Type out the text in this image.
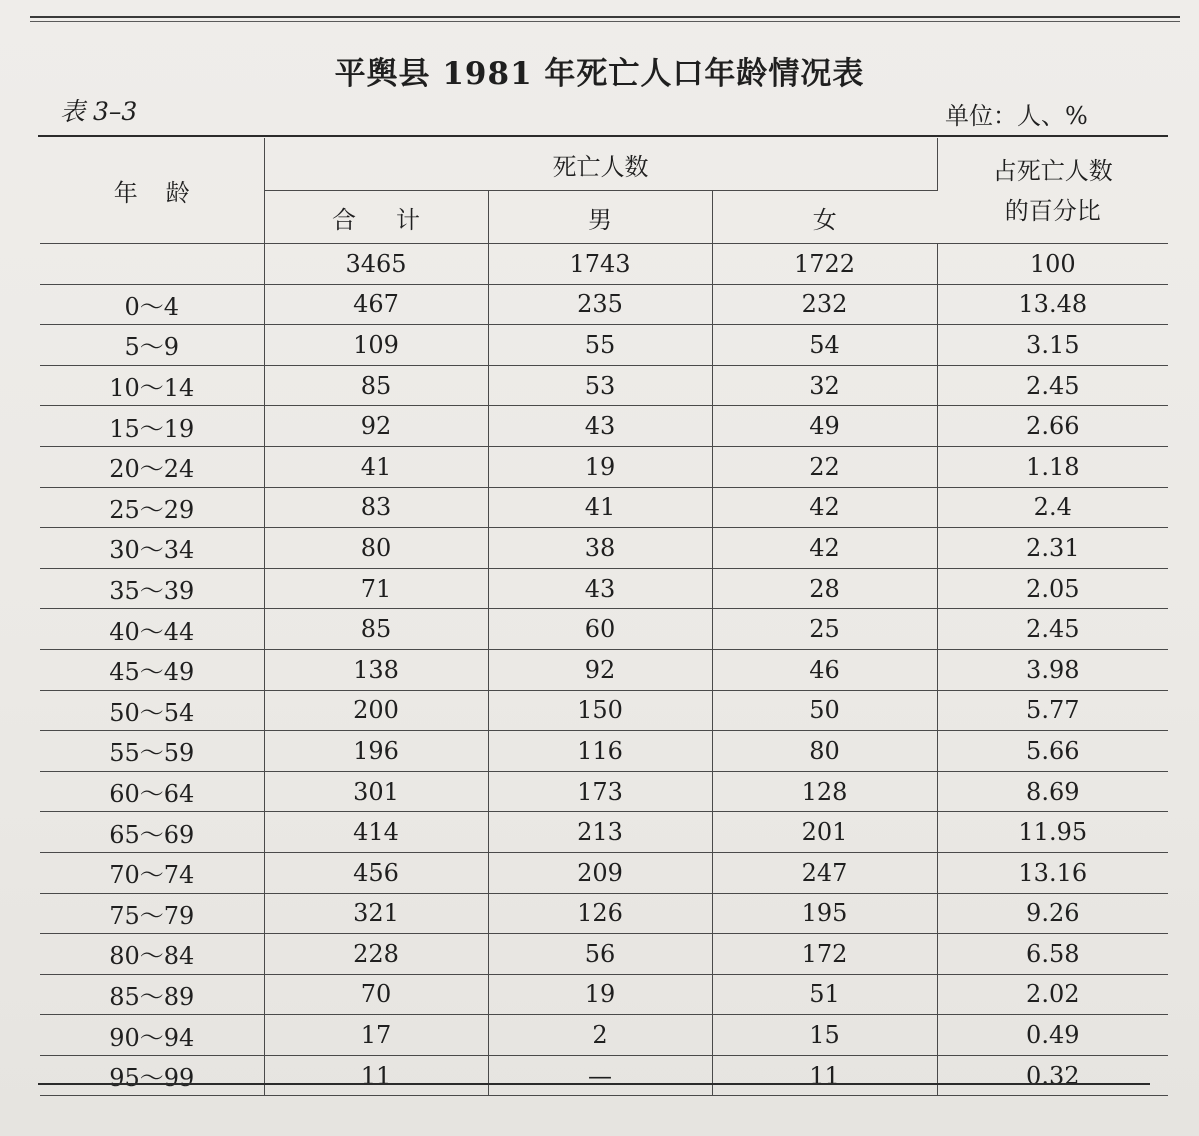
平舆县 1981 年死亡人口年龄情况表
表 3–3	单位：人、%
年龄	死亡人数			占死亡人数
的百分比

	合计	男	女	
	3465	1743	1722	100
0～4	467	235	232	13.48
5～9	109	55	54	3.15
10～14	85	53	32	2.45
15～19	92	43	49	2.66
20～24	41	19	22	1.18
25～29	83	41	42	2.4
30～34	80	38	42	2.31
35～39	71	43	28	2.05
40～44	85	60	25	2.45
45～49	138	92	46	3.98
50～54	200	150	50	5.77
55～59	196	116	80	5.66
60～64	301	173	128	8.69
65～69	414	213	201	11.95
70～74	456	209	247	13.16
75～79	321	126	195	9.26
80～84	228	56	172	6.58
85～89	70	19	51	2.02
90～94	17	2	15	0.49
95～99	11	—	11	0.32
